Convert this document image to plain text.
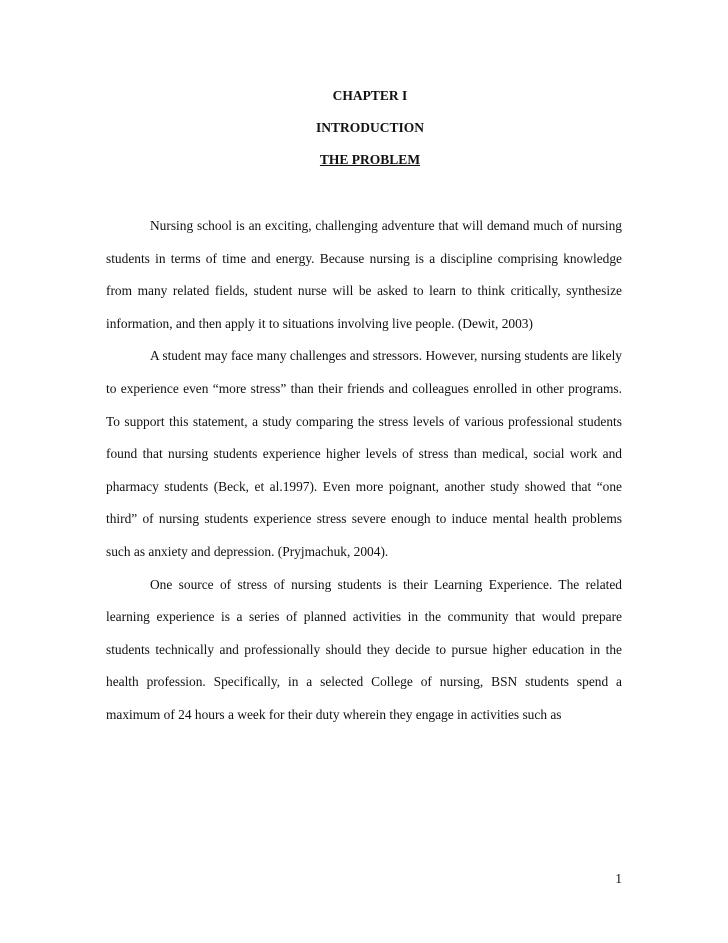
CHAPTER I
INTRODUCTION
THE PROBLEM

Nursing school is an exciting, challenging adventure that will demand much of nursing students in terms of time and energy. Because nursing is a discipline comprising knowledge from many related fields, student nurse will be asked to learn to think critically, synthesize information, and then apply it to situations involving live people. (Dewit, 2003)

A student may face many challenges and stressors. However, nursing students are likely to experience even “more stress” than their friends and colleagues enrolled in other programs. To support this statement, a study comparing the stress levels of various professional students found that nursing students experience higher levels of stress than medical, social work and pharmacy students (Beck, et al.1997). Even more poignant, another study showed that “one third” of nursing students experience stress severe enough to induce mental health problems such as anxiety and depression. (Pryjmachuk, 2004).

One source of stress of nursing students is their Learning Experience. The related learning experience is a series of planned activities in the community that would prepare students technically and professionally should they decide to pursue higher education in the health profession. Specifically, in a selected College of nursing, BSN students spend a maximum of 24 hours a week for their duty wherein they engage in activities such as

1
